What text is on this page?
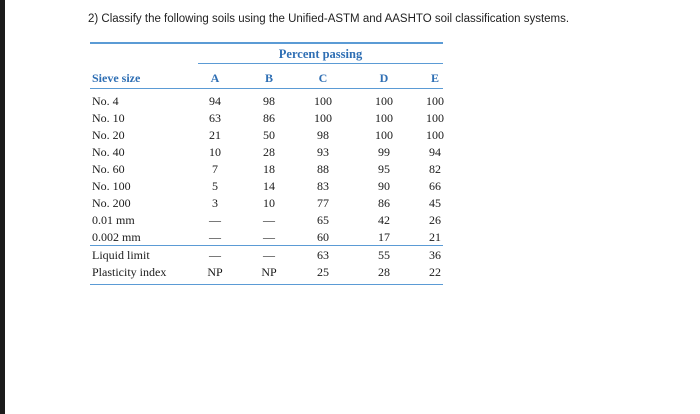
2) Classify the following soils using the Unified-ASTM and AASHTO soil classification systems.
Percent passing
Sieve size	A	B	C	D	E
No. 4	94	98	100	100	100
No. 10	63	86	100	100	100
No. 20	21	50	98	100	100
No. 40	10	28	93	99	94
No. 60	7	18	88	95	82
No. 100	5	14	83	90	66
No. 200	3	10	77	86	45
0.01 mm	—	—	65	42	26
0.002 mm	—	—	60	17	21
Liquid limit	—	—	63	55	36
Plasticity index	NP	NP	25	28	22
